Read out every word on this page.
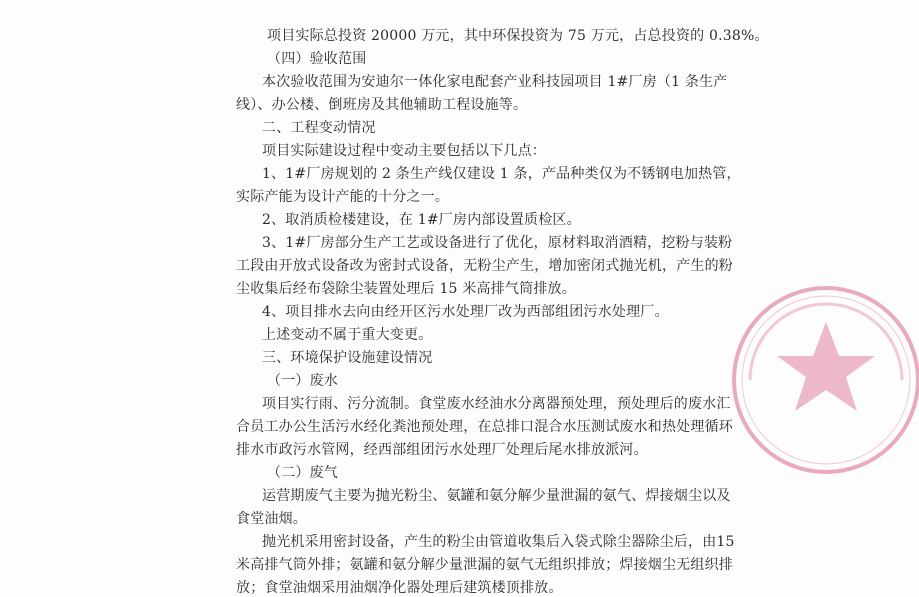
项目实际总投资 20000 万元，其中环保投资为 75 万元，占总投资的 0.38%。
（四）验收范围
本次验收范围为安迪尔一体化家电配套产业科技园项目 1#厂房（1 条生产
线）、办公楼、倒班房及其他辅助工程设施等。
二、工程变动情况
项目实际建设过程中变动主要包括以下几点：
1、1#厂房规划的 2 条生产线仅建设 1 条，产品种类仅为不锈钢电加热管，
实际产能为设计产能的十分之一。
2、取消质检楼建设，在 1#厂房内部设置质检区。
3、1#厂房部分生产工艺或设备进行了优化，原材料取消酒精，挖粉与装粉
工段由开放式设备改为密封式设备，无粉尘产生，增加密闭式抛光机，产生的粉
尘收集后经布袋除尘装置处理后 15 米高排气筒排放。
4、项目排水去向由经开区污水处理厂改为西部组团污水处理厂。
上述变动不属于重大变更。
三、环境保护设施建设情况
（一）废水
项目实行雨、污分流制。食堂废水经油水分离器预处理，预处理后的废水汇
合员工办公生活污水经化粪池预处理，在总排口混合水压测试废水和热处理循环
排水市政污水管网，经西部组团污水处理厂处理后尾水排放派河。
（二）废气
运营期废气主要为抛光粉尘、氨罐和氨分解少量泄漏的氨气、焊接烟尘以及
食堂油烟。
抛光机采用密封设备，产生的粉尘由管道收集后入袋式除尘器除尘后，由15
米高排气筒外排；氨罐和氨分解少量泄漏的氨气无组织排放；焊接烟尘无组织排
放；食堂油烟采用油烟净化器处理后建筑楼顶排放。
